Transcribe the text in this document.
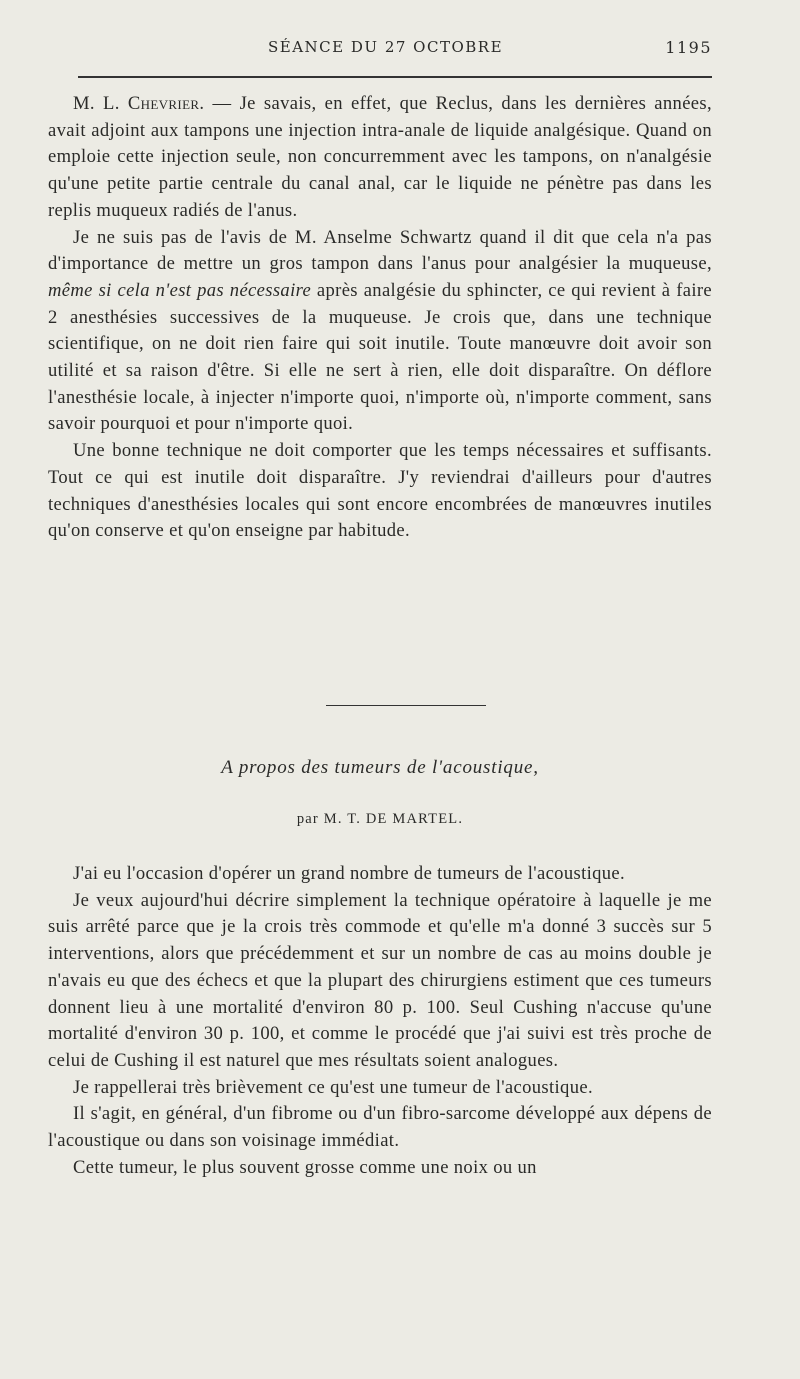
SÉANCE DU 27 OCTOBRE	1195

M. L. Chevrier. — Je savais, en effet, que Reclus, dans les dernières années, avait adjoint aux tampons une injection intra-anale de liquide analgésique. Quand on emploie cette injection seule, non concurremment avec les tampons, on n'analgésie qu'une petite partie centrale du canal anal, car le liquide ne pénètre pas dans les replis muqueux radiés de l'anus.

Je ne suis pas de l'avis de M. Anselme Schwartz quand il dit que cela n'a pas d'importance de mettre un gros tampon dans l'anus pour analgésier la muqueuse, même si cela n'est pas nécessaire après analgésie du sphincter, ce qui revient à faire 2 anesthésies successives de la muqueuse. Je crois que, dans une technique scientifique, on ne doit rien faire qui soit inutile. Toute manœuvre doit avoir son utilité et sa raison d'être. Si elle ne sert à rien, elle doit disparaître. On déflore l'anesthésie locale, à injecter n'importe quoi, n'importe où, n'importe comment, sans savoir pourquoi et pour n'importe quoi.

Une bonne technique ne doit comporter que les temps nécessaires et suffisants. Tout ce qui est inutile doit disparaître. J'y reviendrai d'ailleurs pour d'autres techniques d'anesthésies locales qui sont encore encombrées de manœuvres inutiles qu'on conserve et qu'on enseigne par habitude.

A propos des tumeurs de l'acoustique,
par M. T. DE MARTEL.

J'ai eu l'occasion d'opérer un grand nombre de tumeurs de l'acoustique.

Je veux aujourd'hui décrire simplement la technique opératoire à laquelle je me suis arrêté parce que je la crois très commode et qu'elle m'a donné 3 succès sur 5 interventions, alors que précédemment et sur un nombre de cas au moins double je n'avais eu que des échecs et que la plupart des chirurgiens estiment que ces tumeurs donnent lieu à une mortalité d'environ 80 p. 100. Seul Cushing n'accuse qu'une mortalité d'environ 30 p. 100, et comme le procédé que j'ai suivi est très proche de celui de Cushing il est naturel que mes résultats soient analogues.

Je rappellerai très brièvement ce qu'est une tumeur de l'acoustique.

Il s'agit, en général, d'un fibrome ou d'un fibro-sarcome développé aux dépens de l'acoustique ou dans son voisinage immédiat.

Cette tumeur, le plus souvent grosse comme une noix ou un
